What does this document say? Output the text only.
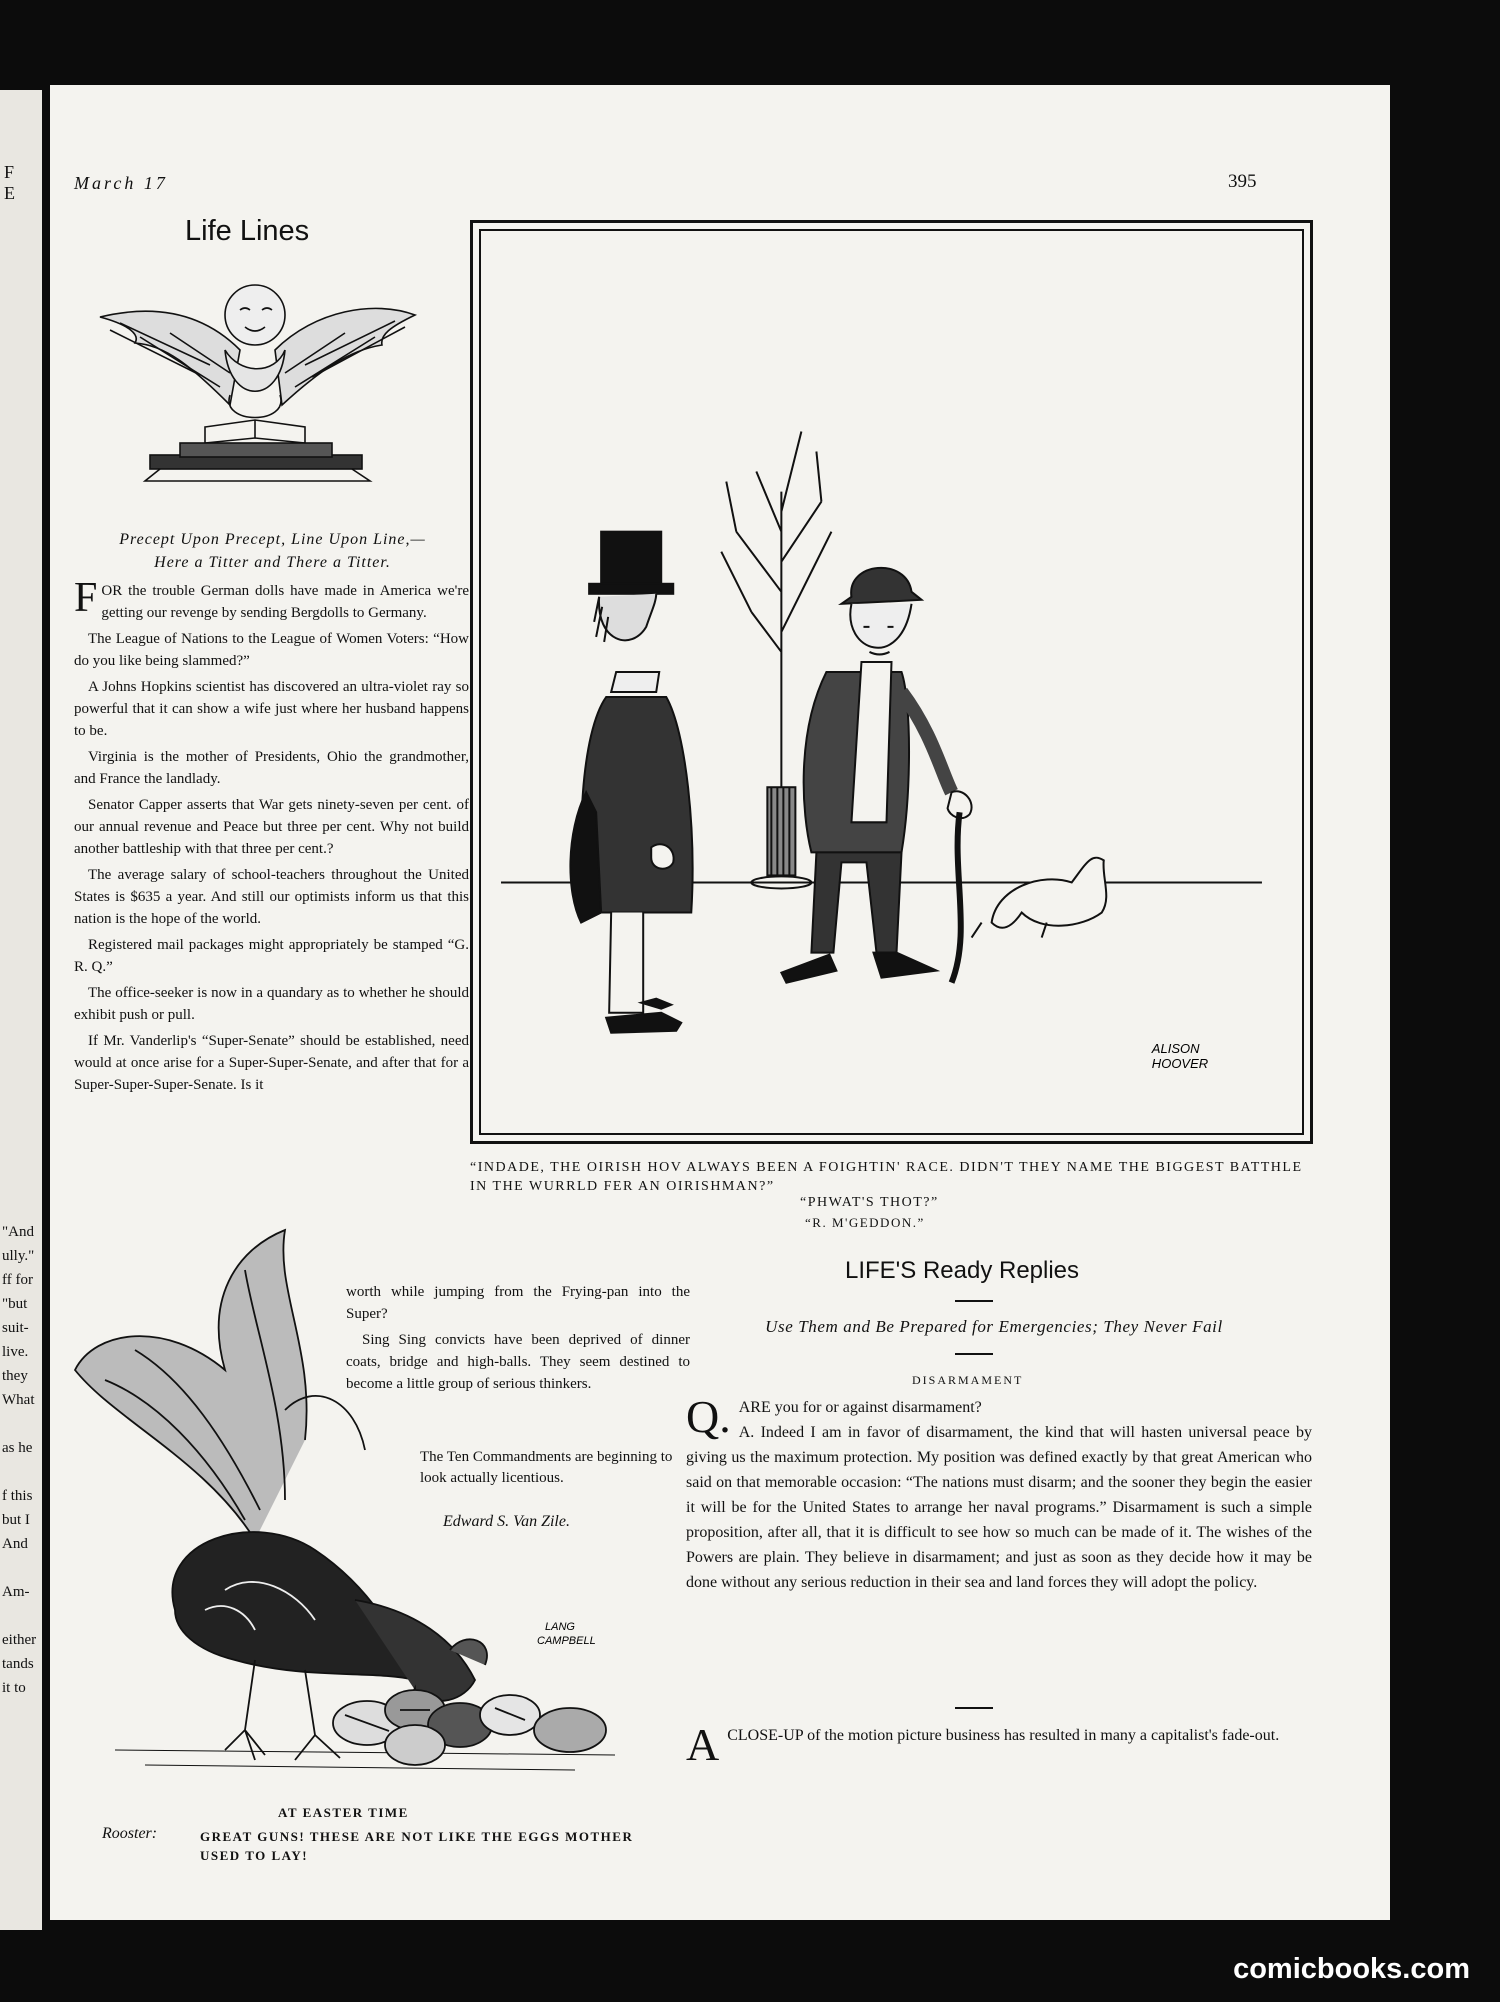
F E
"And
ully."
ff for
"but
suit-
live.
they
What
as he
f this
but I
And
Am-
either
tands
it to
March 17	395
Life Lines
Precept Upon Precept, Line Upon Line,—
Here a Titter and There a Titter.

FOR the trouble German dolls have made in America we're getting our revenge by sending Bergdolls to Germany.

The League of Nations to the League of Women Voters: “How do you like being slammed?”

A Johns Hopkins scientist has discovered an ultra-violet ray so powerful that it can show a wife just where her husband happens to be.

Virginia is the mother of Presidents, Ohio the grandmother, and France the landlady.

Senator Capper asserts that War gets ninety-seven per cent. of our annual revenue and Peace but three per cent. Why not build another battleship with that three per cent.?

The average salary of school-teachers throughout the United States is $635 a year. And still our optimists inform us that this nation is the hope of the world.

Registered mail packages might appropriately be stamped “G. R. Q.”

The office-seeker is now in a quandary as to whether he should exhibit push or pull.

If Mr. Vanderlip's “Super-Senate” should be established, need would at once arise for a Super-Super-Senate, and after that for a Super-Super-Super-Senate. Is it

worth while jumping from the Frying-pan into the Super?

Sing Sing convicts have been deprived of dinner coats, bridge and high-balls. They seem destined to become a little group of serious thinkers.

The Ten Commandments are beginning to look actually licentious.
Edward S. Van Zile.
ALISON
HOOVER
“INDADE, THE OIRISH HOV ALWAYS BEEN A FOIGHTIN' RACE. DIDN'T THEY NAME THE BIGGEST BATTHLE IN THE WURRLD FER AN OIRISHMAN?”
“PHWAT'S THOT?”
“R. M'GEDDON.”
LIFE'S Ready Replies
Use Them and Be Prepared for Emergencies; They Never Fail
DISARMAMENT

Q. ARE you for or against disarmament?
A. Indeed I am in favor of disarmament, the kind that will hasten universal peace by giving us the maximum protection. My position was defined exactly by that great American who said on that memorable occasion: “The nations must disarm; and the sooner they begin the easier it will be for the United States to arrange her naval programs.” Disarmament is such a simple proposition, after all, that it is difficult to see how so much can be made of it. The wishes of the Powers are plain. They believe in disarmament; and just as soon as they decide how it may be done without any serious reduction in their sea and land forces they will adopt the policy.

ACLOSE-UP of the motion picture business has resulted in many a capitalist's fade-out.
LANG
CAMPBELL
AT EASTER TIME
Rooster:	GREAT GUNS! THESE ARE NOT LIKE THE EGGS MOTHER USED TO LAY!
comicbooks.com
